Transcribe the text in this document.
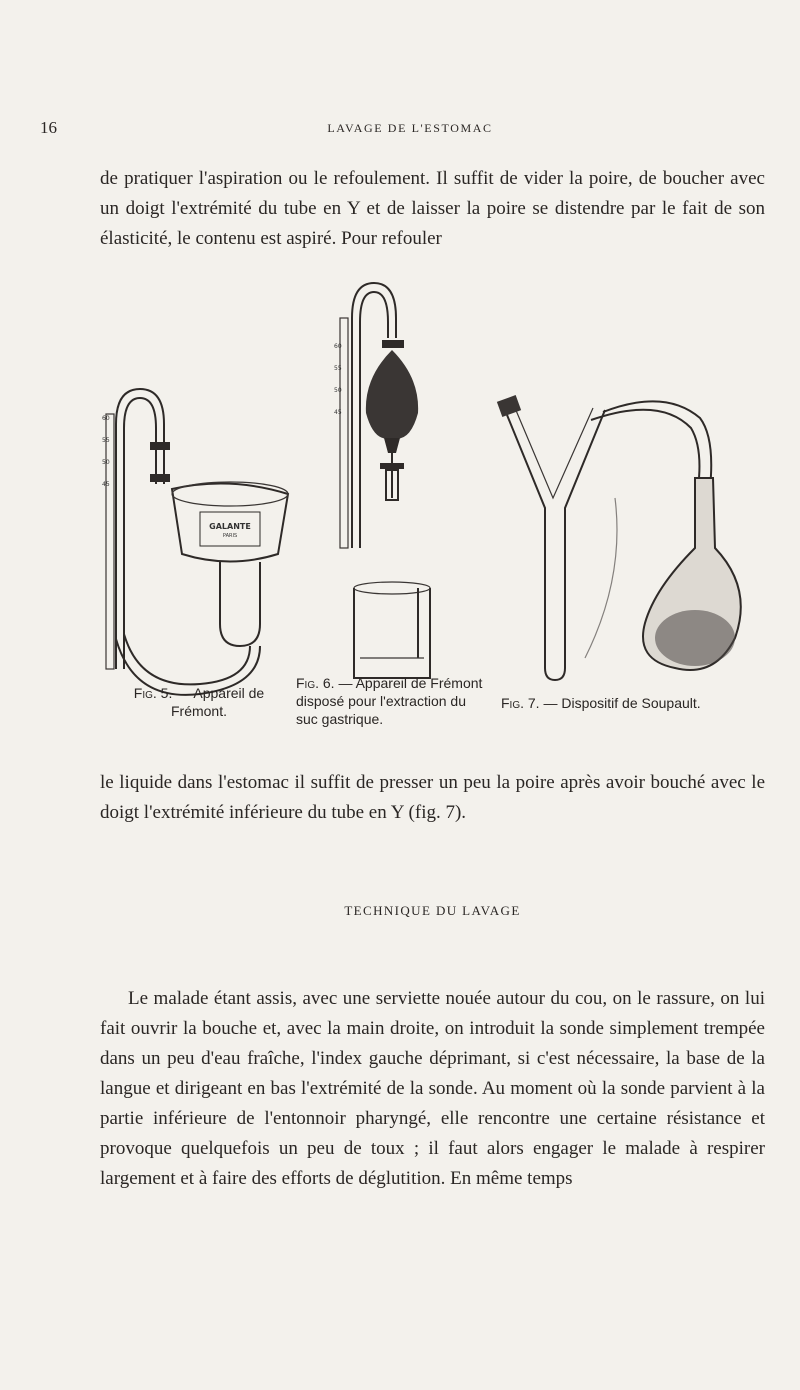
16	LAVAGE DE L'ESTOMAC

de pratiquer l'aspiration ou le refoulement. Il suffit de vider la poire, de boucher avec un doigt l'extrémité du tube en Y et de laisser la poire se distendre par le fait de son élasticité, le contenu est aspiré. Pour refouler

GALANTE
PARIS
60
55
50
45
Fig. 5. — Appareil de Frémont.
60
55
50
45
Fig. 6. — Appareil de Frémont disposé pour l'extraction du suc gastrique.
Fig. 7. — Dispositif de Soupault.

le liquide dans l'estomac il suffit de presser un peu la poire après avoir bouché avec le doigt l'extrémité inférieure du tube en Y (fig. 7).

TECHNIQUE DU LAVAGE

Le malade étant assis, avec une serviette nouée autour du cou, on le rassure, on lui fait ouvrir la bouche et, avec la main droite, on introduit la sonde simplement trempée dans un peu d'eau fraîche, l'index gauche déprimant, si c'est nécessaire, la base de la langue et dirigeant en bas l'extrémité de la sonde. Au moment où la sonde parvient à la partie inférieure de l'entonnoir pharyngé, elle rencontre une certaine résistance et provoque quelquefois un peu de toux ; il faut alors engager le malade à respirer largement et à faire des efforts de déglutition. En même temps
